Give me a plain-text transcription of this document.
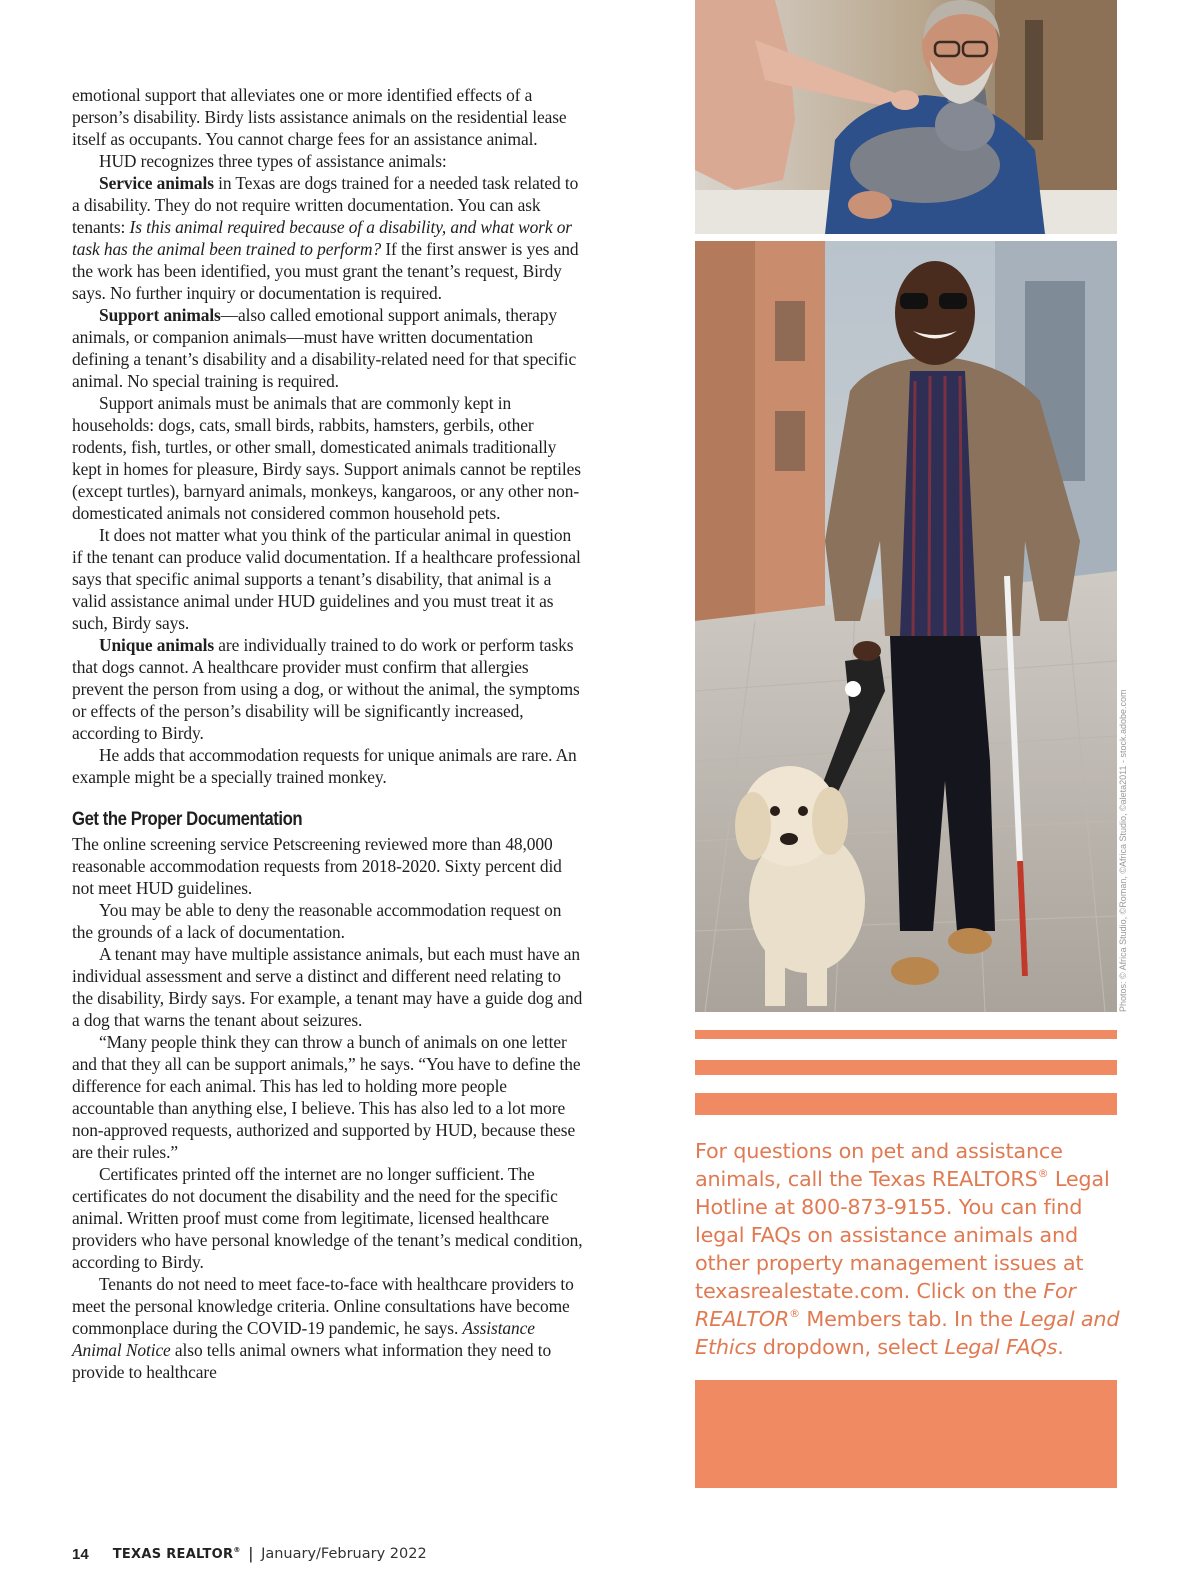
emotional support that alleviates one or more identified effects of a person’s disability. Birdy lists assistance animals on the residential lease itself as occupants. You cannot charge fees for an assistance animal.

HUD recognizes three types of assistance animals:

Service animals in Texas are dogs trained for a needed task related to a disability. They do not require written documentation. You can ask tenants: Is this animal required because of a disability, and what work or task has the animal been trained to perform? If the first answer is yes and the work has been identified, you must grant the tenant’s request, Birdy says. No further inquiry or documentation is required.

Support animals—also called emotional support animals, therapy animals, or companion animals—must have written documentation defining a tenant’s disability and a disability-related need for that specific animal. No special training is required.

Support animals must be animals that are commonly kept in households: dogs, cats, small birds, rabbits, hamsters, gerbils, other rodents, fish, turtles, or other small, domesticated animals traditionally kept in homes for pleasure, Birdy says. Support animals cannot be reptiles (except turtles), barnyard animals, monkeys, kangaroos, or any other non-domesticated animals not considered common household pets.

It does not matter what you think of the particular animal in question if the tenant can produce valid documentation. If a healthcare professional says that specific animal supports a tenant’s disability, that animal is a valid assistance animal under HUD guidelines and you must treat it as such, Birdy says.

Unique animals are individually trained to do work or perform tasks that dogs cannot. A healthcare provider must confirm that allergies prevent the person from using a dog, or without the animal, the symptoms or effects of the person’s disability will be significantly increased, according to Birdy.

He adds that accommodation requests for unique animals are rare. An example might be a specially trained monkey.

Get the Proper Documentation

The online screening service Petscreening reviewed more than 48,000 reasonable accommodation requests from 2018-2020. Sixty percent did not meet HUD guidelines.

You may be able to deny the reasonable accommodation request on the grounds of a lack of documentation.

A tenant may have multiple assistance animals, but each must have an individual assessment and serve a distinct and different need relating to the disability, Birdy says. For example, a tenant may have a guide dog and a dog that warns the tenant about seizures.

“Many people think they can throw a bunch of animals on one letter and that they all can be support animals,” he says. “You have to define the difference for each animal. This has led to holding more people accountable than anything else, I believe. This has also led to a lot more non-approved requests, authorized and supported by HUD, because these are their rules.”

Certificates printed off the internet are no longer sufficient. The certificates do not document the disability and the need for the specific animal. Written proof must come from legitimate, licensed healthcare providers who have personal knowledge of the tenant’s medical condition, according to Birdy.

Tenants do not need to meet face-to-face with healthcare providers to meet the personal knowledge criteria. Online consultations have become commonplace during the COVID-19 pandemic, he says. Assistance Animal Notice also tells animal owners what information they need to provide to healthcare

Photos: © Africa Studio, ©Roman, ©Africa Studio, ©aleta2011 - stock.adobe.com
For questions on pet and assistance animals, call the Texas REALTORS® Legal Hotline at 800-873-9155. You can find legal FAQs on assistance animals and other property management issues at texasrealestate.com. Click on the For REALTOR® Members tab. In the Legal and Ethics dropdown, select Legal FAQs.
14 TEXAS REALTOR® | January/February 2022
